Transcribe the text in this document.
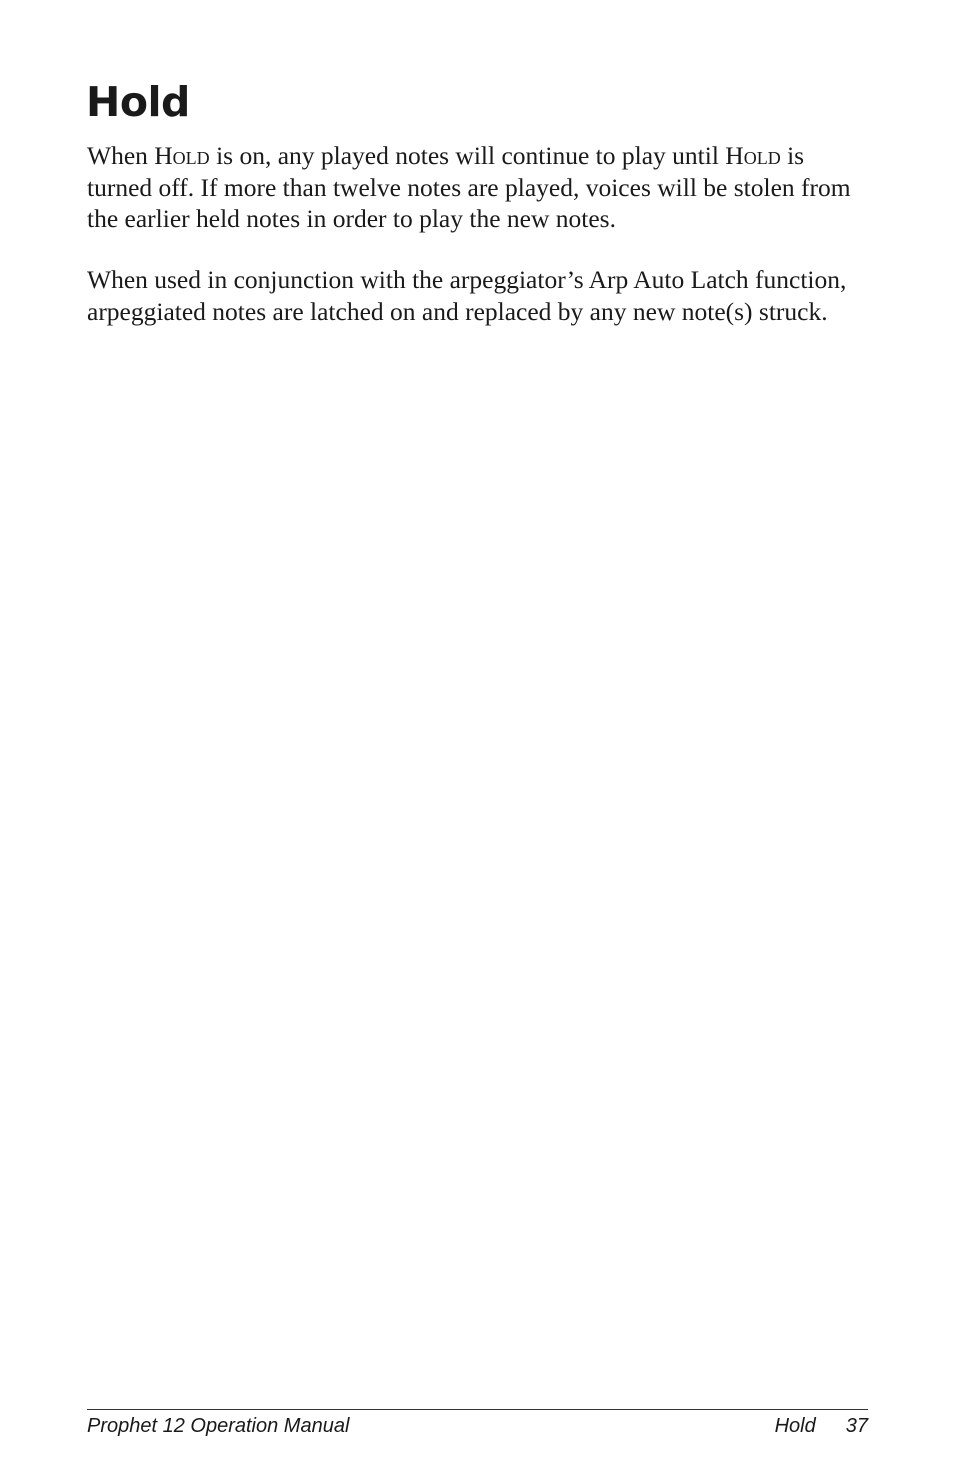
Hold

When Hold is on, any played notes will continue to play until Hold is turned off. If more than twelve notes are played, voices will be stolen from the earlier held notes in order to play the new notes.

When used in conjunction with the arpeggiator’s Arp Auto Latch function, arpeggiated notes are latched on and replaced by any new note(s) struck.

Prophet 12 Operation Manual	Hold 37
